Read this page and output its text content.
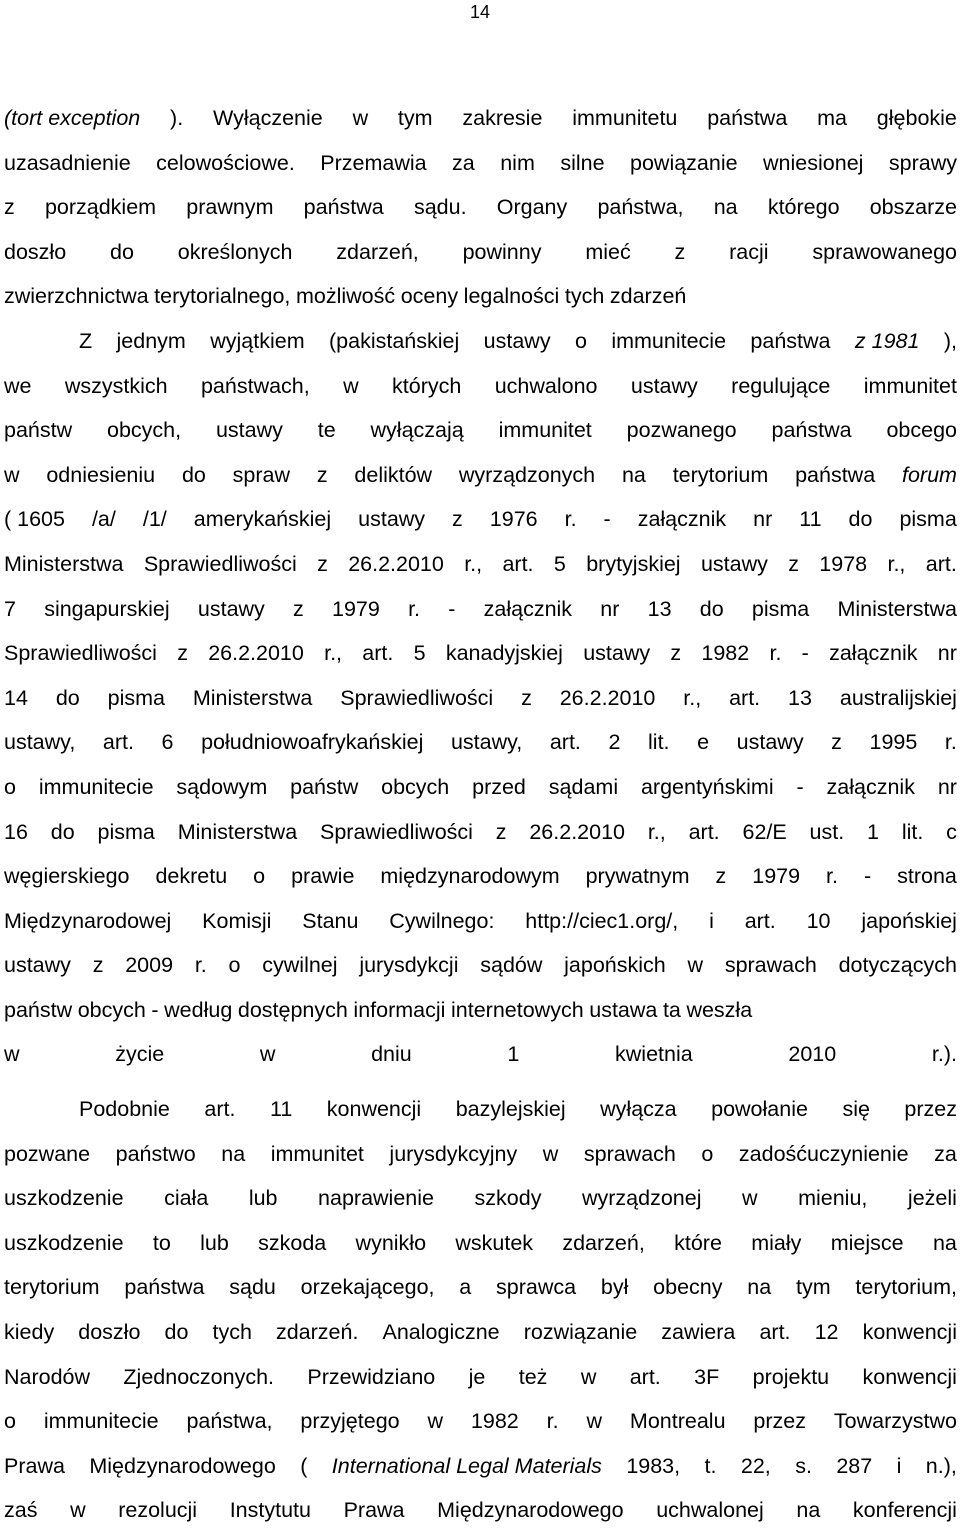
14
(tort exception ). Wyłączenie w tym zakresie immunitetu państwa ma głębokie
uzasadnienie celowościowe. Przemawia za nim silne powiązanie wniesionej sprawy
z porządkiem prawnym państwa sądu. Organy państwa, na którego obszarze
doszło do określonych zdarzeń, powinny mieć z racji sprawowanego
zwierzchnictwa terytorialnego, możliwość oceny legalności tych zdarzeń
Z jednym wyjątkiem (pakistańskiej ustawy o immunitecie państwa z 1981 ),
we wszystkich państwach, w których uchwalono ustawy regulujące immunitet
państw obcych, ustawy te wyłączają immunitet pozwanego państwa obcego
w odniesieniu do spraw z deliktów wyrządzonych na terytorium państwa forum
( 1605 /a/ /1/ amerykańskiej ustawy z 1976 r. - załącznik nr 11 do pisma
Ministerstwa Sprawiedliwości z 26.2.2010 r., art. 5 brytyjskiej ustawy z 1978 r., art.
7 singapurskiej ustawy z 1979 r. - załącznik nr 13 do pisma Ministerstwa
Sprawiedliwości z 26.2.2010 r., art. 5 kanadyjskiej ustawy z 1982 r. - załącznik nr
14 do pisma Ministerstwa Sprawiedliwości z 26.2.2010 r., art. 13 australijskiej
ustawy, art. 6 południowoafrykańskiej ustawy, art. 2 lit. e ustawy z 1995 r.
o immunitecie sądowym państw obcych przed sądami argentyńskimi - załącznik nr
16 do pisma Ministerstwa Sprawiedliwości z 26.2.2010 r., art. 62/E ust. 1 lit. c
węgierskiego dekretu o prawie międzynarodowym prywatnym z 1979 r. - strona
Międzynarodowej Komisji Stanu Cywilnego: http://ciec1.org/, i art. 10 japońskiej
ustawy z 2009 r. o cywilnej jurysdykcji sądów japońskich w sprawach dotyczących
państw obcych - według dostępnych informacji internetowych ustawa ta weszła
w	życie	w	dniu	1	kwietnia	2010	r.).
Podobnie art. 11 konwencji bazylejskiej wyłącza powołanie się przez
pozwane państwo na immunitet jurysdykcyjny w sprawach o zadośćuczynienie za
uszkodzenie ciała lub naprawienie szkody wyrządzonej w mieniu, jeżeli
uszkodzenie to lub szkoda wynikło wskutek zdarzeń, które miały miejsce na
terytorium państwa sądu orzekającego, a sprawca był obecny na tym terytorium,
kiedy doszło do tych zdarzeń. Analogiczne rozwiązanie zawiera art. 12 konwencji
Narodów Zjednoczonych. Przewidziano je też w art. 3F projektu konwencji
o immunitecie państwa, przyjętego w 1982 r. w Montrealu przez Towarzystwo
Prawa Międzynarodowego ( International Legal Materials 1983, t. 22, s. 287 i n.),
zaś w rezolucji Instytutu Prawa Międzynarodowego uchwalonej na konferencji
